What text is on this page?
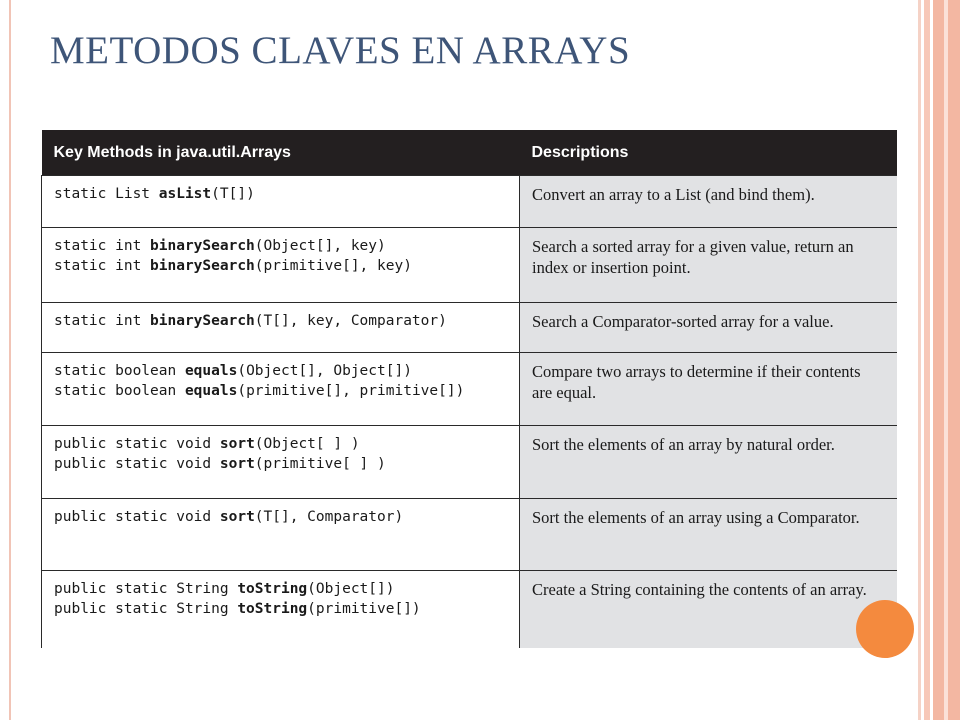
METODOS CLAVES EN ARRAYS
Key Methods in java.util.Arrays	Descriptions

static List asList(T[])	Convert an array to a List (and bind them).

static int binarySearch(Object[], key)
static int binarySearch(primitive[], key)	Search a sorted array for a given value, return an index or insertion point.

static int binarySearch(T[], key, Comparator)	Search a Comparator-sorted array for a value.

static boolean equals(Object[], Object[])
static boolean equals(primitive[], primitive[])	Compare two arrays to determine if their contents are equal.

public static void sort(Object[ ] )
public static void sort(primitive[ ] )	Sort the elements of an array by natural order.

public static void sort(T[], Comparator)	Sort the elements of an array using a Comparator.

public static String toString(Object[])
public static String toString(primitive[])	Create a String containing the contents of an array.
